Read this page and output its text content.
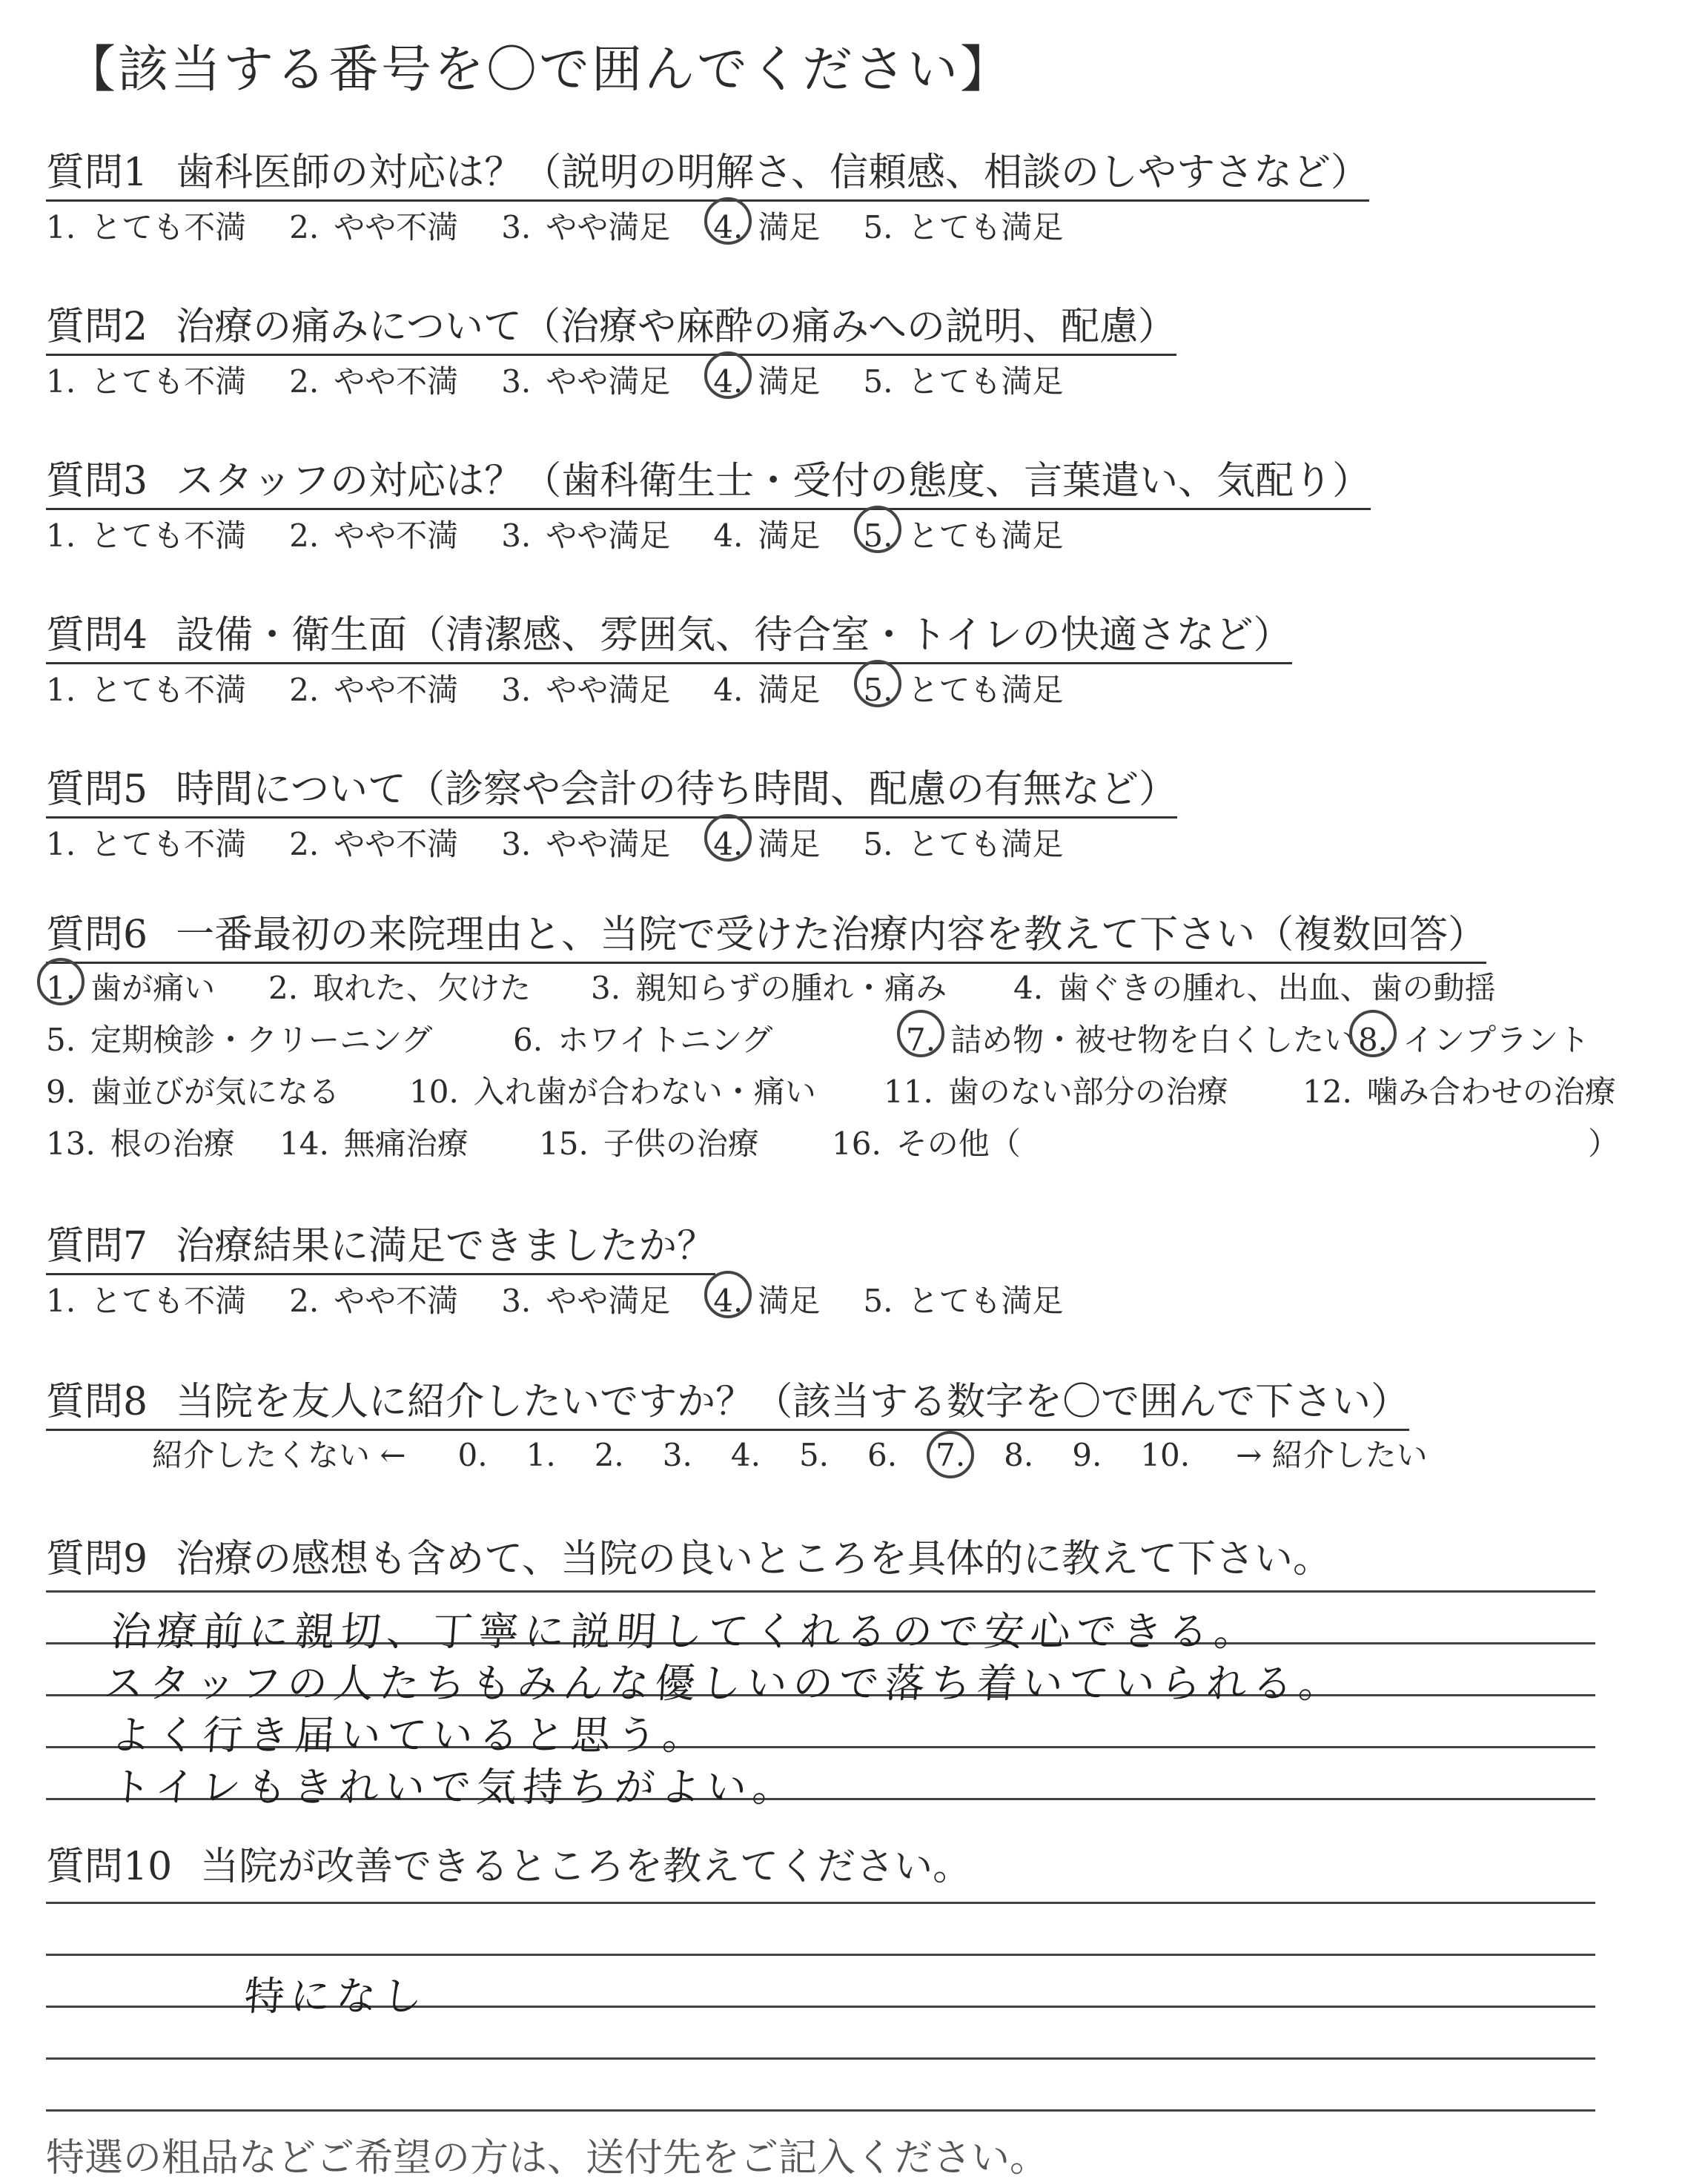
【該当する番号を〇で囲んでください】
質問1 歯科医師の対応は？（説明の明解さ、信頼感、相談のしやすさなど）
1. とても不満 2. やや不満 3. やや満足 4. 満足 5. とても満足
質問2 治療の痛みについて（治療や麻酔の痛みへの説明、配慮）
1. とても不満 2. やや不満 3. やや満足 4. 満足 5. とても満足
質問3 スタッフの対応は？（歯科衛生士・受付の態度、言葉遣い、気配り）
1. とても不満 2. やや不満 3. やや満足 4. 満足 5. とても満足
質問4 設備・衛生面（清潔感、雰囲気、待合室・トイレの快適さなど）
1. とても不満 2. やや不満 3. やや満足 4. 満足 5. とても満足
質問5 時間について（診察や会計の待ち時間、配慮の有無など）
1. とても不満 2. やや不満 3. やや満足 4. 満足 5. とても満足
質問6 一番最初の来院理由と、当院で受けた治療内容を教えて下さい（複数回答）
1. 歯が痛い 2. 取れた、欠けた 3. 親知らずの腫れ・痛み 4. 歯ぐきの腫れ、出血、歯の動揺
5. 定期検診・クリーニング	6. ホワイトニング	7. 詰め物・被せ物を白くしたい 8. インプラント
9. 歯並びが気になる 10. 入れ歯が合わない・痛い 11. 歯のない部分の治療 12. 噛み合わせの治療
13. 根の治療 14. 無痛治療 15. 子供の治療 16. その他（	）
質問7 治療結果に満足できましたか？
1. とても不満 2. やや不満 3. やや満足 4. 満足 5. とても満足
質問8 当院を友人に紹介したいですか？（該当する数字を〇で囲んで下さい）
紹介したくない ← 0. 1. 2. 3. 4. 5. 6. 7. 8. 9. 10. → 紹介したい
質問9 治療の感想も含めて、当院の良いところを具体的に教えて下さい。
治療前に親切、丁寧に説明してくれるので安心できる。
スタッフの人たちもみんな優しいので落ち着いていられる。
よく行き届いていると思う。
トイレもきれいで気持ちがよい。
質問10 当院が改善できるところを教えてください。
特になし
特選の粗品などご希望の方は、送付先をご記入ください。
